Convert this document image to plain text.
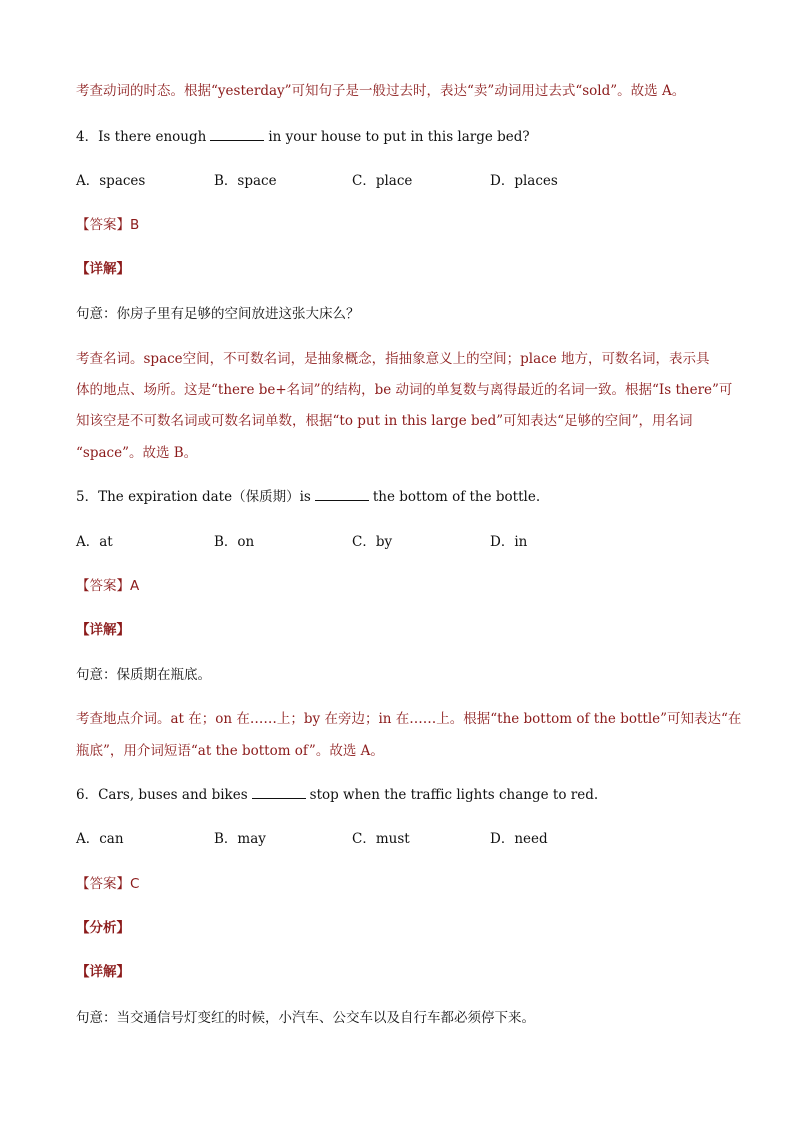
考查动词的时态。根据“yesterday”可知句子是一般过去时，表达“卖”动词用过去式“sold”。故选 A。
4．Is there enough	in your house to put in this large bed?
A．spaces	B．space	C．place	D．places
【答案】B
【详解】
句意：你房子里有足够的空间放进这张大床么？
考查名词。space空间，不可数名词，是抽象概念，指抽象意义上的空间；place 地方，可数名词，表示具
体的地点、场所。这是“there be+名词”的结构，be 动词的单复数与离得最近的名词一致。根据“Is there”可
知该空是不可数名词或可数名词单数，根据“to put in this large bed”可知表达“足够的空间”，用名词
“space”。故选 B。
5．The expiration date（保质期）is	the bottom of the bottle.
A．at	B．on	C．by	D．in
【答案】A
【详解】
句意：保质期在瓶底。
考查地点介词。at 在；on 在……上；by 在旁边；in 在……上。根据“the bottom of the bottle”可知表达“在
瓶底”，用介词短语“at the bottom of”。故选 A。
6．Cars, buses and bikes	stop when the traffic lights change to red.
A．can	B．may	C．must	D．need
【答案】C
【分析】
【详解】
句意：当交通信号灯变红的时候，小汽车、公交车以及自行车都必须停下来。
